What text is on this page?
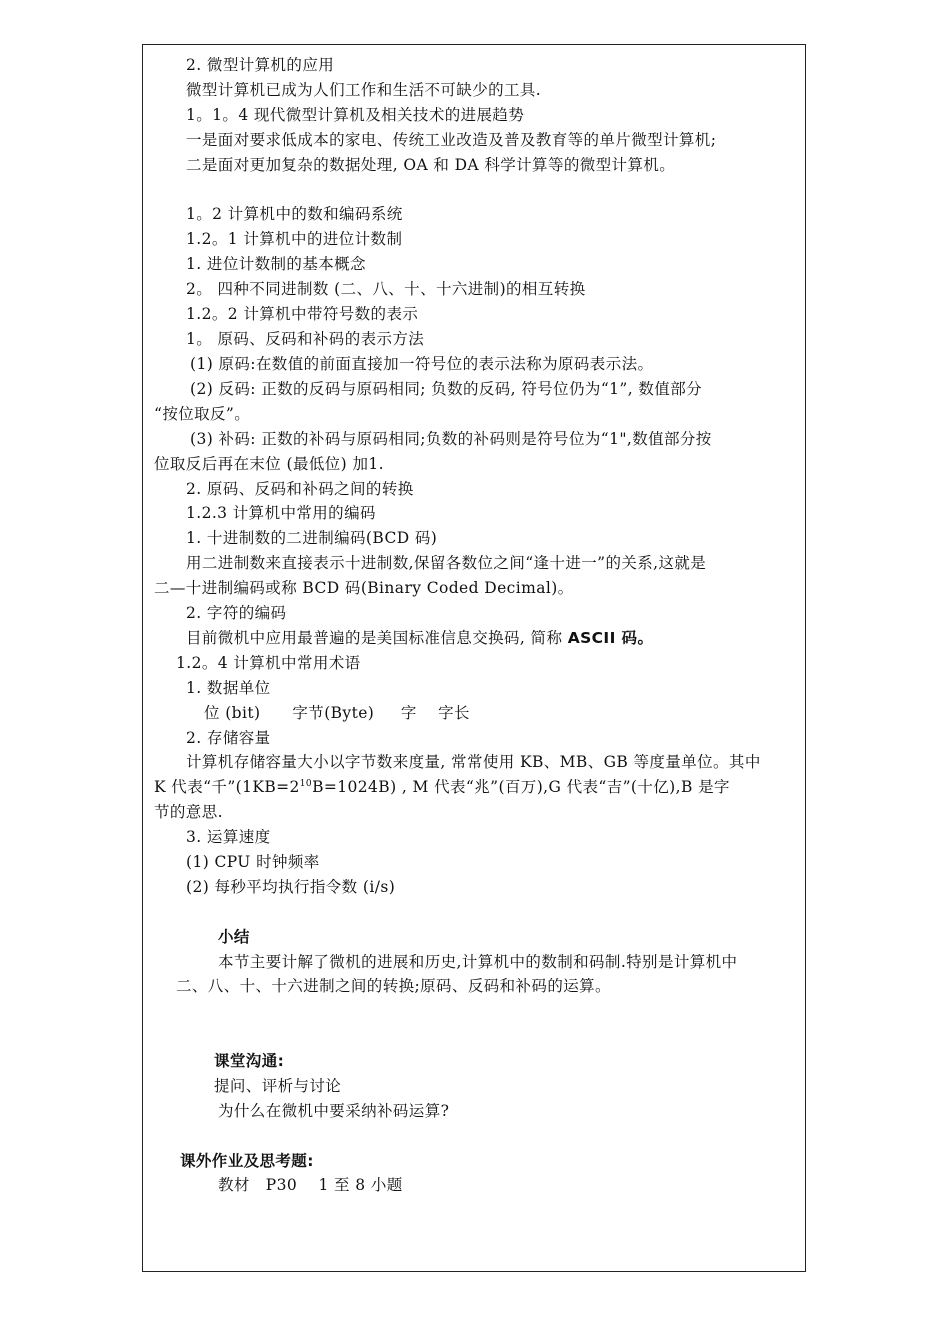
2. 微型计算机的应用
微型计算机已成为人们工作和生活不可缺少的工具.
1。1。4 现代微型计算机及相关技术的进展趋势
一是面对要求低成本的家电、传统工业改造及普及教育等的单片微型计算机;
二是面对更加复杂的数据处理, OA 和 DA 科学计算等的微型计算机。
1。2 计算机中的数和编码系统
1.2。1 计算机中的进位计数制
1. 进位计数制的基本概念
2。 四种不同进制数 (二、八、十、十六进制)的相互转换
1.2。2 计算机中带符号数的表示
1。 原码、反码和补码的表示方法
(1) 原码:在数值的前面直接加一符号位的表示法称为原码表示法。
(2) 反码: 正数的反码与原码相同; 负数的反码, 符号位仍为“1”, 数值部分
“按位取反”。
(3) 补码: 正数的补码与原码相同;负数的补码则是符号位为“1",数值部分按
位取反后再在末位 (最低位) 加1.
2. 原码、反码和补码之间的转换
1.2.3 计算机中常用的编码
1. 十进制数的二进制编码(BCD 码)
用二进制数来直接表示十进制数,保留各数位之间“逢十进一”的关系,这就是
二—十进制编码或称 BCD 码(Binary Coded Decimal)。
2. 字符的编码
目前微机中应用最普遍的是美国标准信息交换码, 简称 ASCII 码。
1.2。4 计算机中常用术语
1. 数据单位
位 (bit)      字节(Byte)     字    字长
2. 存储容量
计算机存储容量大小以字节数来度量, 常常使用 KB、MB、GB 等度量单位。其中
K 代表“千$”(1KB=2^{10}B=1024B)$ , M 代表“兆”(百万),G 代表“吉”(十亿),B 是字
节的意思.
3. 运算速度
(1) CPU 时钟频率
(2) 每秒平均执行指令数 (i/s)
小结
本节主要计解了微机的进展和历史,计算机中的数制和码制.特别是计算机中
二、八、十、十六进制之间的转换;原码、反码和补码的运算。
课堂沟通:
提问、评析与讨论
为什么在微机中要采纳补码运算?
课外作业及思考题:
教材   P30    1 至 8 小题
